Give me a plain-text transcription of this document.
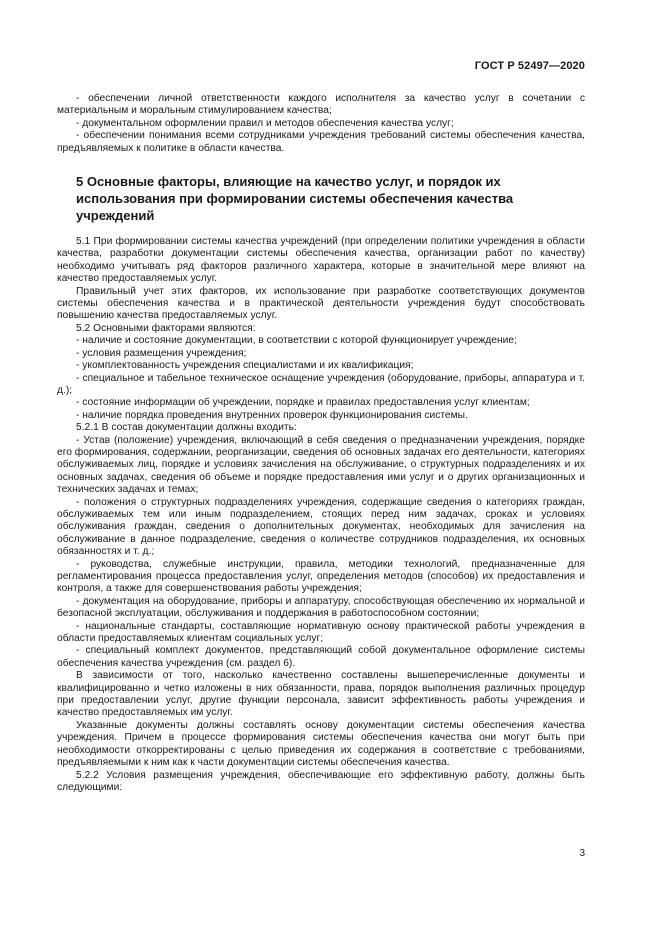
ГОСТ Р 52497—2020

- обеспечении личной ответственности каждого исполнителя за качество услуг в сочетании с материальным и моральным стимулированием качества;

- документальном оформлении правил и методов обеспечения качества услуг;

- обеспечении понимания всеми сотрудниками учреждения требований системы обеспечения качества, предъявляемых к политике в области качества.

5 Основные факторы, влияющие на качество услуг, и порядок их использования при формировании системы обеспечения качества учреждений

5.1 При формировании системы качества учреждений (при определении политики учреждения в области качества, разработки документации системы обеспечения качества, организации работ по качеству) необходимо учитывать ряд факторов различного характера, которые в значительной мере влияют на качество предоставляемых услуг.

Правильный учет этих факторов, их использование при разработке соответствующих документов системы обеспечения качества и в практической деятельности учреждения будут способствовать повышению качества предоставляемых услуг.

5.2 Основными факторами являются:

- наличие и состояние документации, в соответствии с которой функционирует учреждение;

- условия размещения учреждения;

- укомплектованность учреждения специалистами и их квалификация;

- специальное и табельное техническое оснащение учреждения (оборудование, приборы, аппаратура и т. д.);

- состояние информации об учреждении, порядке и правилах предоставления услуг клиентам;

- наличие порядка проведения внутренних проверок функционирования системы.

5.2.1 В состав документации должны входить:

- Устав (положение) учреждения, включающий в себя сведения о предназначении учреждения, порядке его формирования, содержании, реорганизации, сведения об основных задачах его деятельности, категориях обслуживаемых лиц, порядке и условиях зачисления на обслуживание, о структурных подразделениях и их основных задачах, сведения об объеме и порядке предоставления ими услуг и о других организационных и технических задачах и темах;

- положения о структурных подразделениях учреждения, содержащие сведения о категориях граждан, обслуживаемых тем или иным подразделением, стоящих перед ним задачах, сроках и условиях обслуживания граждан, сведения о дополнительных документах, необходимых для зачисления на обслуживание в данное подразделение, сведения о количестве сотрудников подразделения, их основных обязанностях и т. д.;

- руководства, служебные инструкции, правила, методики технологий, предназначенные для регламентирования процесса предоставления услуг, определения методов (способов) их предоставления и контроля, а также для совершенствования работы учреждения;

- документация на оборудование, приборы и аппаратуру, способствующая обеспечению их нормальной и безопасной эксплуатации, обслуживания и поддержания в работоспособном состоянии;

- национальные стандарты, составляющие нормативную основу практической работы учреждения в области предоставляемых клиентам социальных услуг;

- специальный комплект документов, представляющий собой документальное оформление системы обеспечения качества учреждения (см. раздел 6).

В зависимости от того, насколько качественно составлены вышеперечисленные документы и квалифицированно и четко изложены в них обязанности, права, порядок выполнения различных процедур при предоставлении услуг, другие функции персонала, зависит эффективность работы учреждения и качество предоставляемых им услуг.

Указанные документы должны составлять основу документации системы обеспечения качества учреждения. Причем в процессе формирования системы обеспечения качества они могут быть при необходимости откорректированы с целью приведения их содержания в соответствие с требованиями, предъявляемыми к ним как к части документации системы обеспечения качества.

5.2.2 Условия размещения учреждения, обеспечивающие его эффективную работу, должны быть следующими:

3
